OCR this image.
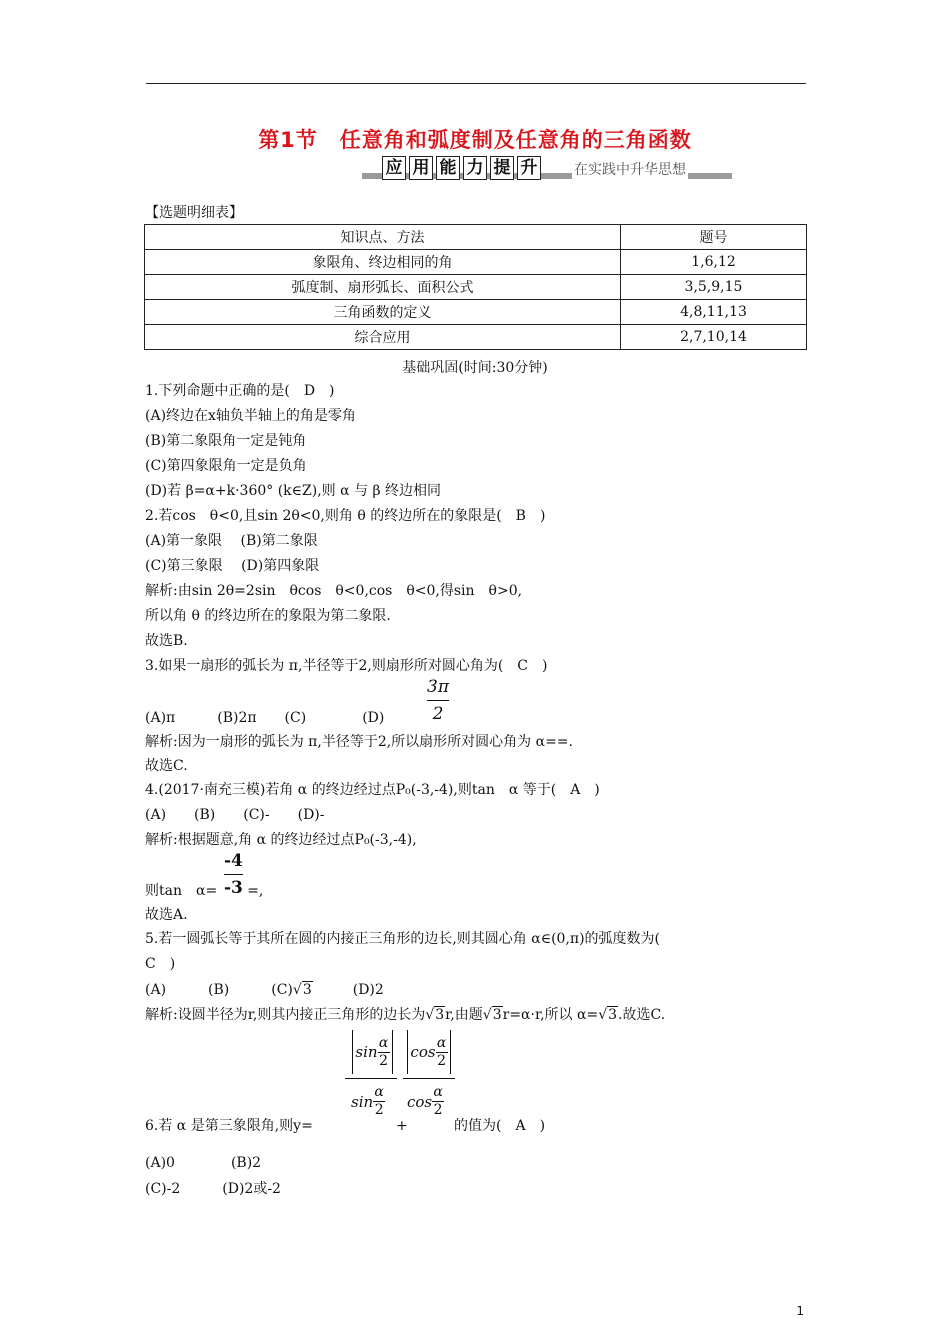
第1节　任意角和弧度制及任意角的三角函数
应 用 能 力 提 升	在实践中升华思想
【选题明细表】
知识点、方法	题号
象限角、终边相同的角	1,6,12
弧度制、扇形弧长、面积公式	3,5,9,15
三角函数的定义	4,8,11,13
综合应用	2,7,10,14
基础巩固(时间:30分钟)
1.下列命题中正确的是(　D　)
(A)终边在x轴负半轴上的角是零角
(B)第二象限角一定是钝角
(C)第四象限角一定是负角
(D)若 β=α+k·360° (k∈Z),则 α 与 β 终边相同
2.若cos　θ<0,且sin 2θ<0,则角 θ 的终边所在的象限是(　B　)
(A)第一象限　 (B)第二象限
(C)第三象限　 (D)第四象限
解析:由sin 2θ=2sin　θcos　θ<0,cos　θ<0,得sin　θ>0,
所以角 θ 的终边所在的象限为第二象限.
故选B.
3.如果一扇形的弧长为 π,半径等于2,则扇形所对圆心角为(　C　)
3π
2
(A)π　　　(B)2π　　(C)　　　　(D)
解析:因为一扇形的弧长为 π,半径等于2,所以扇形所对圆心角为 α==.
故选C.
4.(2017·南充三模)若角 α 的终边经过点P₀(-3,-4),则tan　α 等于(　A　)
(A)　　(B)　　(C)-　　(D)-
解析:根据题意,角 α 的终边经过点P₀(-3,-4),
-4
-3
则tan　α= =,
故选A.
5.若一圆弧长等于其所在圆的内接正三角形的边长,则其圆心角 α∈(0,π)的弧度数为(
C　)
(A)　　　(B)　　　(C)√3	(D)2
解析:设圆半径为r,则其内接正三角形的边长为√3r,由题√3r=α·r,所以 α=√3.故选C.
sin
α
2 cos
α
2
sin
α
2 cos
α
2
6.若 α 是第三象限角,则y=	+	的值为(　A　)
(A)0　　　　(B)2
(C)-2　　　(D)2或-2
1
